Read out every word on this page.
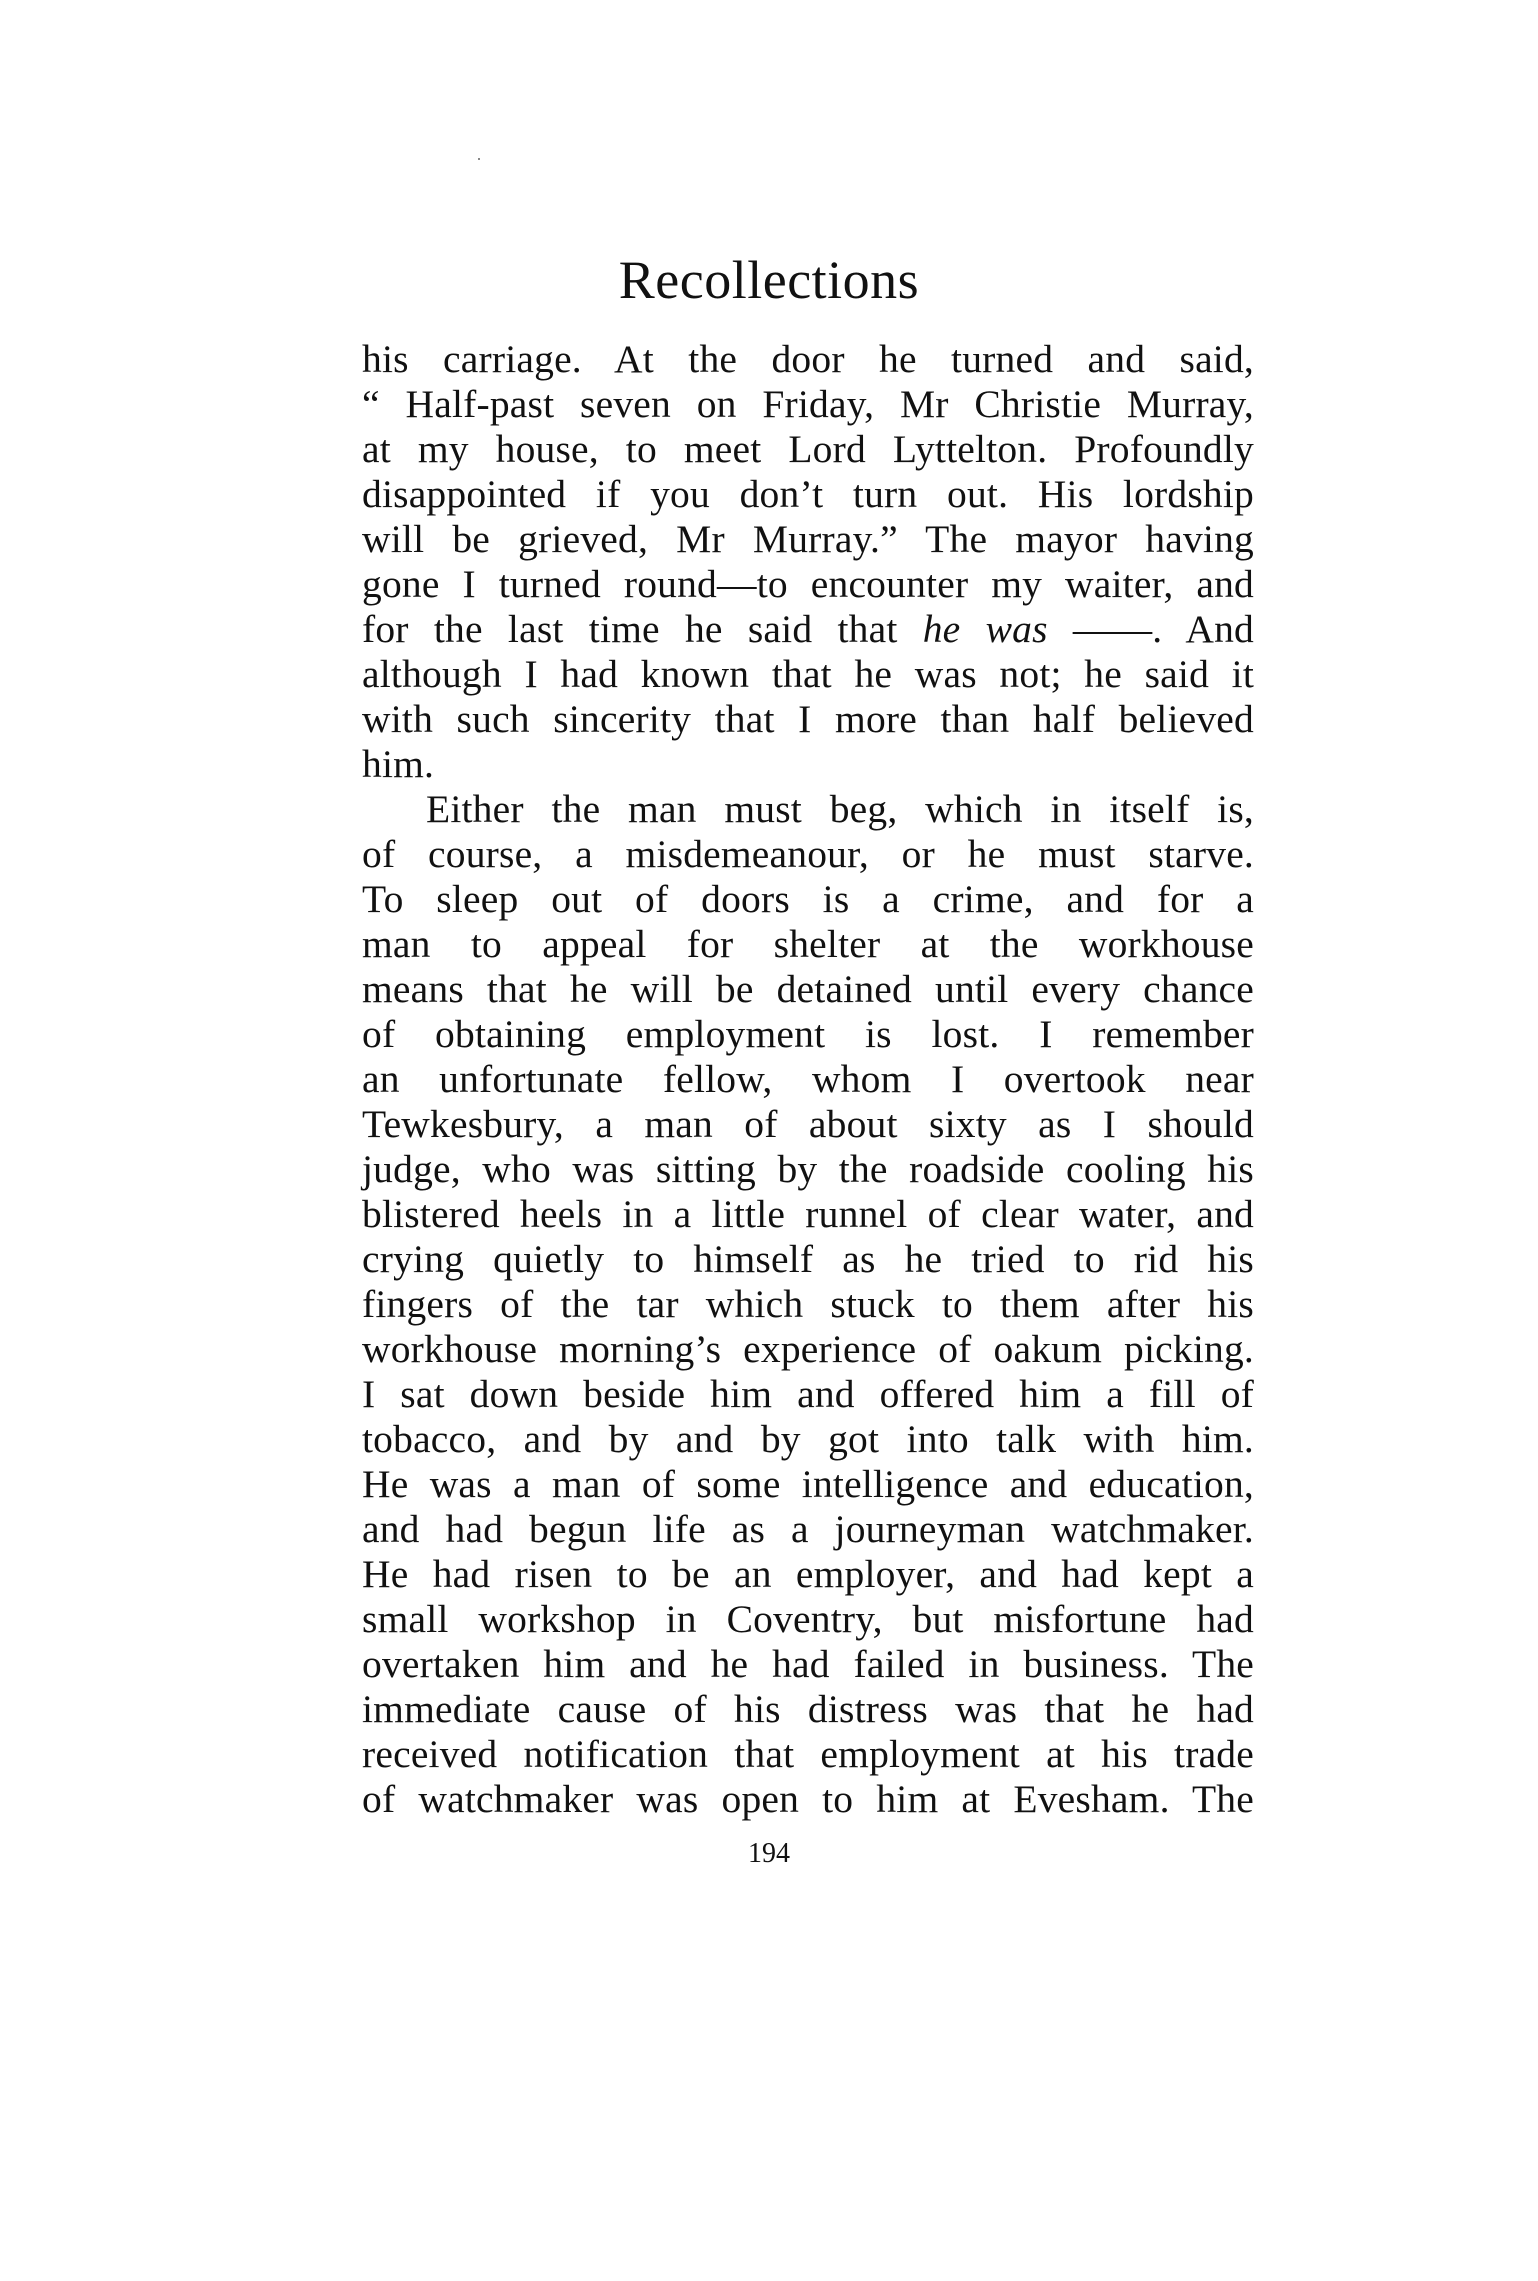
Recollections
his carriage. At the door he turned and said,
“ Half-past seven on Friday, Mr Christie Murray,
at my house, to meet Lord Lyttelton. Profoundly
disappointed if you don’t turn out. His lordship
will be grieved, Mr Murray.” The mayor having
gone I turned round—to encounter my waiter, and
for the last time he said that he was ——. And
although I had known that he was not; he said it
with such sincerity that I more than half believed
him.
Either the man must beg, which in itself is,
of course, a misdemeanour, or he must starve.
To sleep out of doors is a crime, and for a
man to appeal for shelter at the workhouse
means that he will be detained until every chance
of obtaining employment is lost. I remember
an unfortunate fellow, whom I overtook near
Tewkesbury, a man of about sixty as I should
judge, who was sitting by the roadside cooling his
blistered heels in a little runnel of clear water, and
crying quietly to himself as he tried to rid his
fingers of the tar which stuck to them after his
workhouse morning’s experience of oakum picking.
I sat down beside him and offered him a fill of
tobacco, and by and by got into talk with him.
He was a man of some intelligence and education,
and had begun life as a journeyman watchmaker.
He had risen to be an employer, and had kept a
small workshop in Coventry, but misfortune had
overtaken him and he had failed in business. The
immediate cause of his distress was that he had
received notification that employment at his trade
of watchmaker was open to him at Evesham. The
194
